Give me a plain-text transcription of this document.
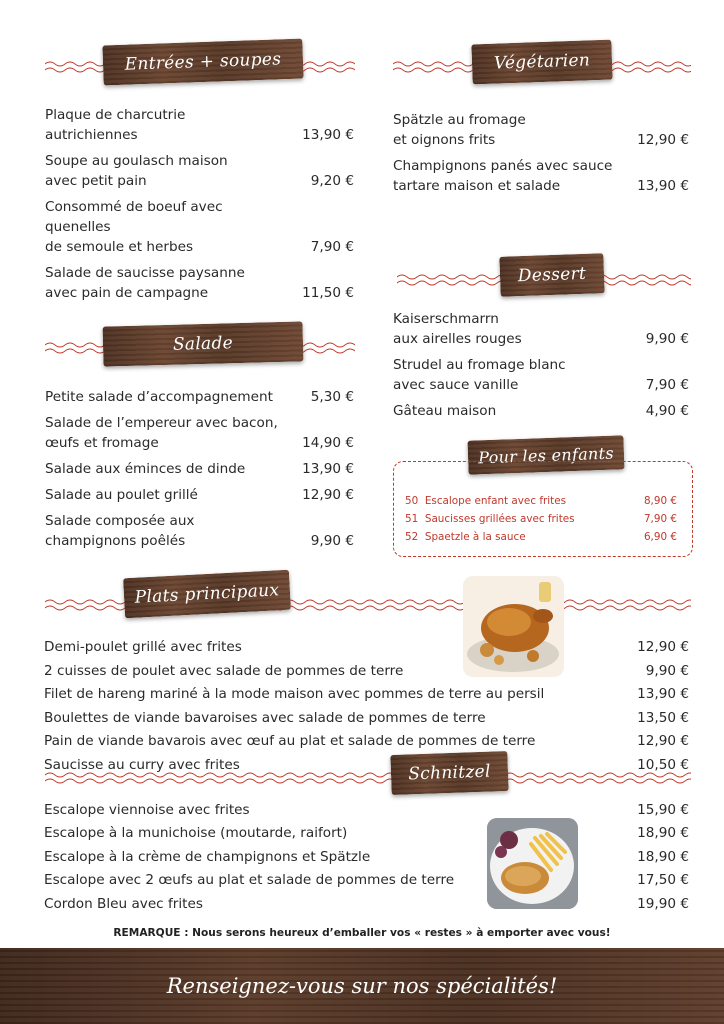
Entrées + soupes	Végétarien
Dessert
Salade
Pour les enfants
Plats principaux
Schnitzel
Plaque de charcutrie
autrichiennes	13,90 €
Soupe au goulasch maison
avec petit pain	9,20 €
Consommé de boeuf avec quenelles
de semoule et herbes	7,90 €
Salade de saucisse paysanne
avec pain de campagne	11,50 €
Spätzle au fromage
et oignons frits	12,90 €
Champignons panés avec sauce
tartare maison et salade	13,90 €
Kaiserschmarrn
aux airelles rouges	9,90 €
Strudel au fromage blanc
avec sauce vanille	7,90 €
Gâteau maison	4,90 €
Petite salade d’accompagnement	5,30 €
Salade de l’empereur avec bacon,
œufs et fromage	14,90 €
Salade aux éminces de dinde	13,90 €
Salade au poulet grillé	12,90 €
Salade composée aux
champignons poêlés	9,90 €
50 Escalope enfant avec frites	8,90 €
51 Saucisses grillées avec frites	7,90 €
52 Spaetzle à la sauce	6,90 €
Demi-poulet grillé avec frites	12,90 €
2 cuisses de poulet avec salade de pommes de terre	9,90 €
Filet de hareng mariné à la mode maison avec pommes de terre au persil	13,90 €
Boulettes de viande bavaroises avec salade de pommes de terre	13,50 €
Pain de viande bavarois avec œuf au plat et salade de pommes de terre	12,90 €
Saucisse au curry avec frites	10,50 €
Escalope viennoise avec frites	15,90 €
Escalope à la munichoise (moutarde, raifort)	18,90 €
Escalope à la crème de champignons et Spätzle	18,90 €
Escalope avec 2 œufs au plat et salade de pommes de terre	17,50 €
Cordon Bleu avec frites	19,90 €
REMARQUE : Nous serons heureux d’emballer vos « restes » à emporter avec vous!
Renseignez-vous sur nos spécialités!
